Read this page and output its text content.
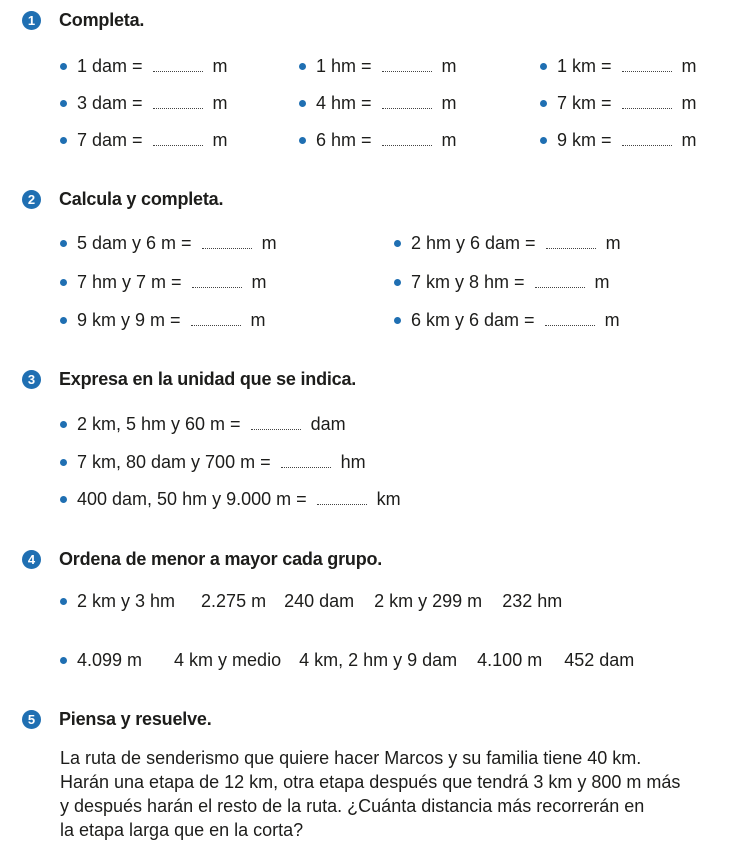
1	Completa.
1 dam =	m	1 hm =	m	1 km =	m
3 dam =	m	4 hm =	m	7 km =	m
7 dam =	m	6 hm =	m	9 km =	m
2	Calcula y completa.
5 dam y 6 m =	m	2 hm y 6 dam =	m
7 hm y 7 m =	m	7 km y 8 hm =	m
9 km y 9 m =	m	6 km y 6 dam =	m
3	Expresa en la unidad que se indica.
2 km, 5 hm y 60 m =	dam
7 km, 80 dam y 700 m =	hm
400 dam, 50 hm y 9.000 m =	km
4	Ordena de menor a mayor cada grupo.
2 km y 3 hm 2.275 m 240 dam 2 km y 299 m 232 hm
4.099 m 4 km y medio 4 km, 2 hm y 9 dam 4.100 m 452 dam
5	Piensa y resuelve.
La ruta de senderismo que quiere hacer Marcos y su familia tiene 40 km.
Harán una etapa de 12 km, otra etapa después que tendrá 3 km y 800 m más
y después harán el resto de la ruta. ¿Cuánta distancia más recorrerán en
la etapa larga que en la corta?
